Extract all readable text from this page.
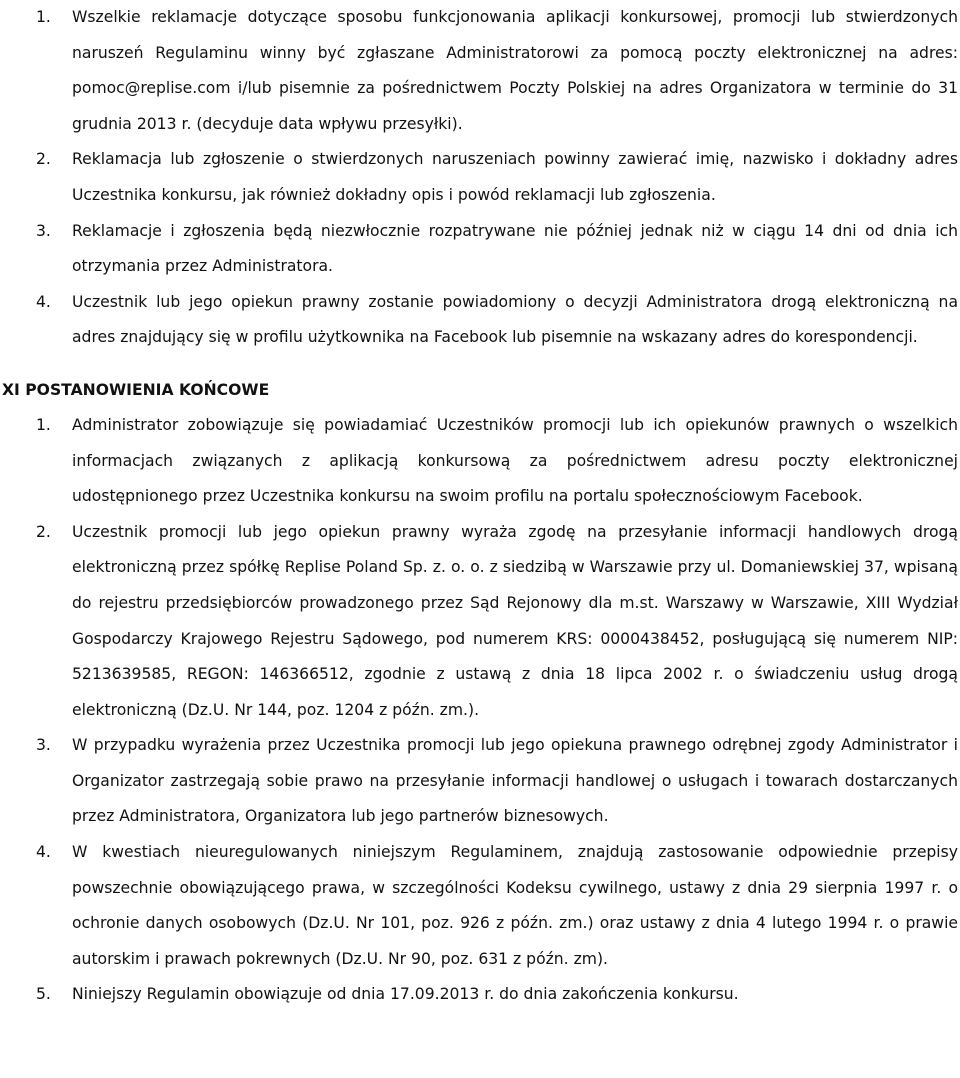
1.	Wszelkie reklamacje dotyczące sposobu funkcjonowania aplikacji konkursowej, promocji lub stwierdzonych naruszeń Regulaminu winny być zgłaszane Administratorowi za pomocą poczty elektronicznej na adres: pomoc@replise.com i/lub pisemnie za pośrednictwem Poczty Polskiej na adres Organizatora w terminie do 31 grudnia 2013 r. (decyduje data wpływu przesyłki).
2.	Reklamacja lub zgłoszenie o stwierdzonych naruszeniach powinny zawierać imię, nazwisko i dokładny adres Uczestnika konkursu, jak również dokładny opis i powód reklamacji lub zgłoszenia.
3.	Reklamacje i zgłoszenia będą niezwłocznie rozpatrywane nie później jednak niż w ciągu 14 dni od dnia ich otrzymania przez Administratora.
4.	Uczestnik lub jego opiekun prawny zostanie powiadomiony o decyzji Administratora drogą elektroniczną na adres znajdujący się w profilu użytkownika na Facebook lub pisemnie na wskazany adres do korespondencji.
XI POSTANOWIENIA KOŃCOWE
1.	Administrator zobowiązuje się powiadamiać Uczestników promocji lub ich opiekunów prawnych o wszelkich informacjach związanych z aplikacją konkursową za pośrednictwem adresu poczty elektronicznej udostępnionego przez Uczestnika konkursu na swoim profilu na portalu społecznościowym Facebook.
2.	Uczestnik promocji lub jego opiekun prawny wyraża zgodę na przesyłanie informacji handlowych drogą elektroniczną przez spółkę Replise Poland Sp. z. o. o. z siedzibą w Warszawie przy ul. Domaniewskiej 37, wpisaną do rejestru przedsiębiorców prowadzonego przez Sąd Rejonowy dla m.st. Warszawy w Warszawie, XIII Wydział Gospodarczy Krajowego Rejestru Sądowego, pod numerem KRS: 0000438452, posługującą się numerem NIP: 5213639585, REGON: 146366512, zgodnie z ustawą z dnia 18 lipca 2002 r. o świadczeniu usług drogą elektroniczną (Dz.U. Nr 144, poz. 1204 z późn. zm.).
3.	W przypadku wyrażenia przez Uczestnika promocji lub jego opiekuna prawnego odrębnej zgody Administrator i Organizator zastrzegają sobie prawo na przesyłanie informacji handlowej o usługach i towarach dostarczanych przez Administratora, Organizatora lub jego partnerów biznesowych.
4.	W kwestiach nieuregulowanych niniejszym Regulaminem, znajdują zastosowanie odpowiednie przepisy powszechnie obowiązującego prawa, w szczególności Kodeksu cywilnego, ustawy z dnia 29 sierpnia 1997 r. o ochronie danych osobowych (Dz.U. Nr 101, poz. 926 z późn. zm.) oraz ustawy z dnia 4 lutego 1994 r. o prawie autorskim i prawach pokrewnych (Dz.U. Nr 90, poz. 631 z późn. zm).
5.	Niniejszy Regulamin obowiązuje od dnia 17.09.2013 r. do dnia zakończenia konkursu.
